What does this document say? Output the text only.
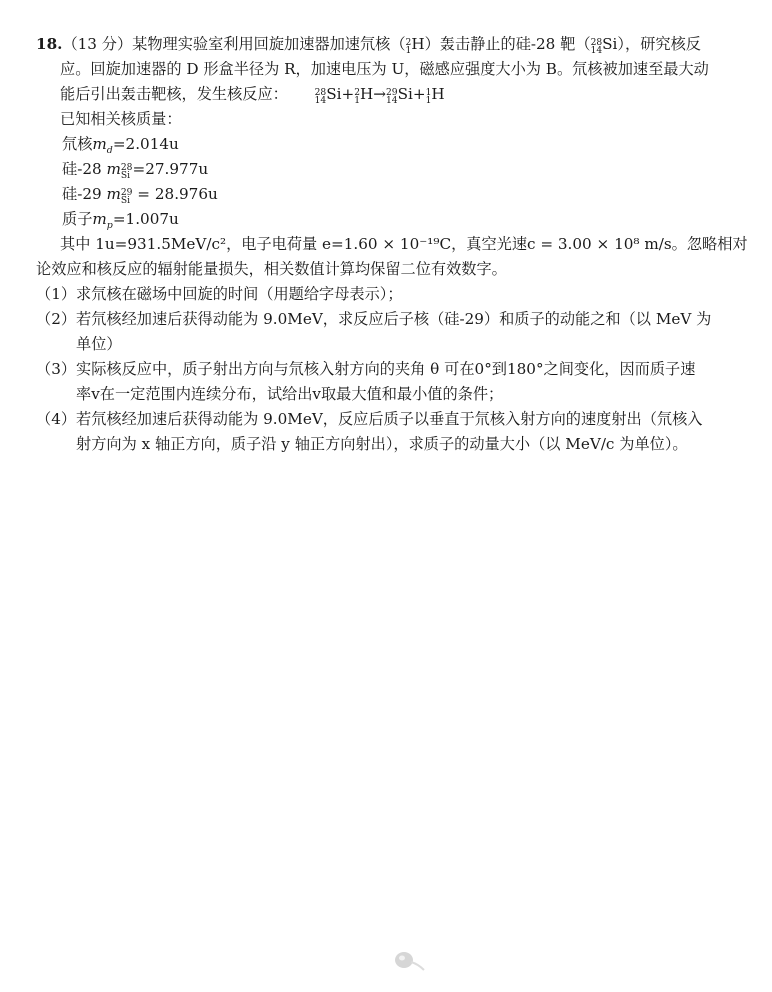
18.（13 分）某物理实验室利用回旋加速器加速氘核（ 2
1 H）轰击静止的硅-28 靶（ 28
14 Si），研究核反
应。回旋加速器的 D 形盒半径为 R，加速电压为 U，磁感应强度大小为 B。氘核被加速至最大动
能后引出轰击靶核，发生核反应：	28
14 Si+ 2
1 H→ 29
14 Si+ 1
1 H
已知相关核质量：
氘核$m_d=2.014u$
硅-28 m 28
Si =27.977u
硅-29 m 29
Si = 28.976u
质子$m_p=1.007u$
其中 1u=931.5MeV/c²，电子电荷量 e=1.60 × 10⁻¹⁹C，真空光速c = 3.00 × 10⁸ m/s。忽略相对
论效应和核反应的辐射能量损失，相关数值计算均保留二位有效数字。
（1）求氘核在磁场中回旋的时间（用题给字母表示）；
（2）若氘核经加速后获得动能为 9.0MeV，求反应后子核（硅-29）和质子的动能之和（以 MeV 为
单位）
（3）实际核反应中，质子射出方向与氘核入射方向的夹角 θ 可在0°到180°之间变化，因而质子速
率v在一定范围内连续分布，试给出v取最大值和最小值的条件；
（4）若氘核经加速后获得动能为 9.0MeV，反应后质子以垂直于氘核入射方向的速度射出（氘核入
射方向为 x 轴正方向，质子沿 y 轴正方向射出），求质子的动量大小（以 MeV/c 为单位）。
